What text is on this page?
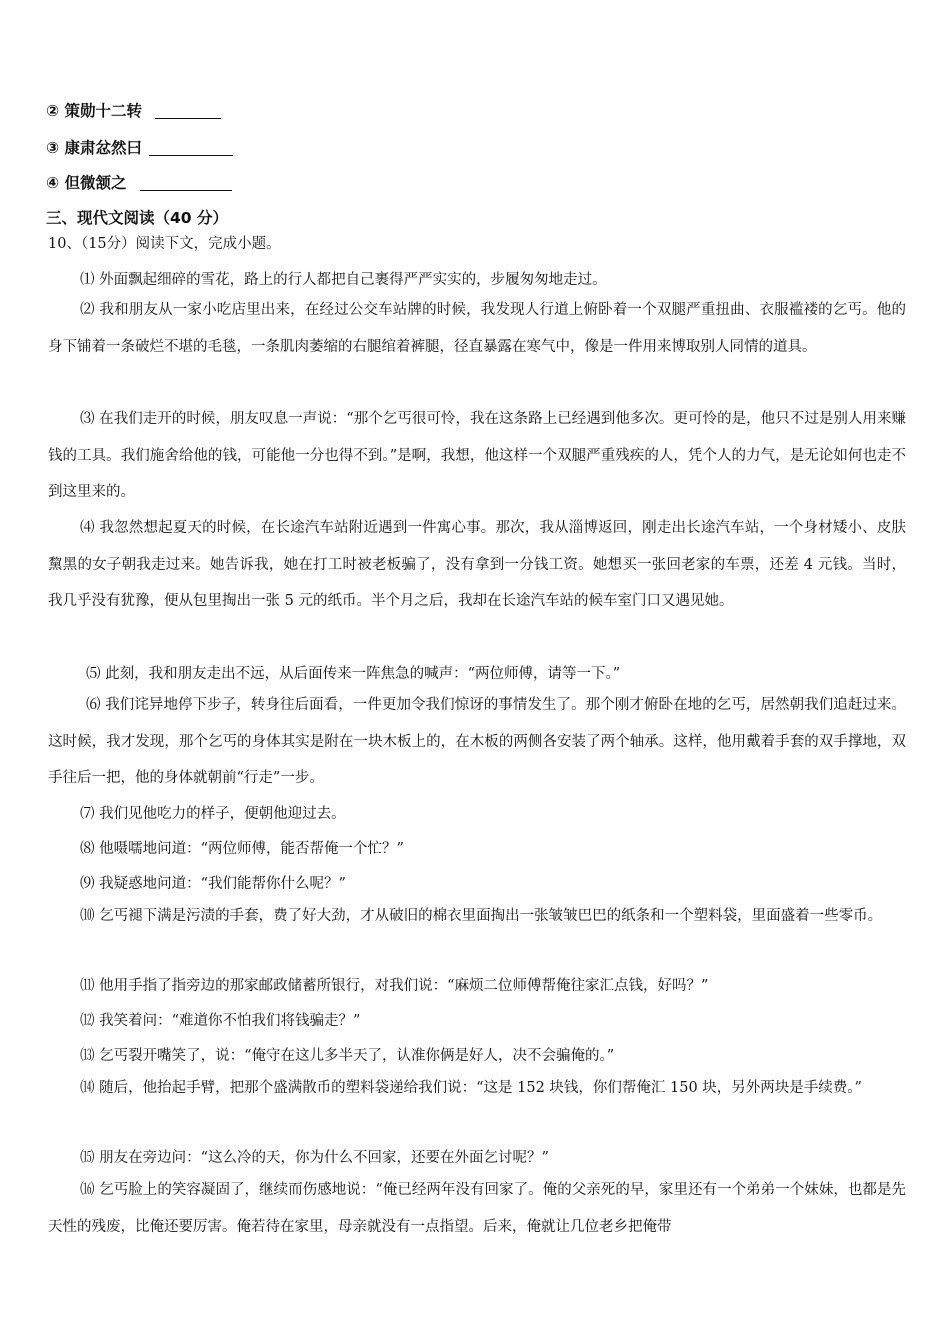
② 策勋十二转
③ 康肃忿然曰
④ 但微颔之
三、现代文阅读（40 分）
10、（15分）阅读下文，完成小题。

⑴ 外面飘起细碎的雪花，路上的行人都把自己裹得严严实实的，步履匆匆地走过。

⑵ 我和朋友从一家小吃店里出来，在经过公交车站牌的时候，我发现人行道上俯卧着一个双腿严重扭曲、衣服褴褛的乞丐。他的身下铺着一条破烂不堪的毛毯，一条肌肉萎缩的右腿绾着裤腿，径直暴露在寒气中，像是一件用来博取别人同情的道具。

⑶ 在我们走开的时候，朋友叹息一声说：“那个乞丐很可怜，我在这条路上已经遇到他多次。更可怜的是，他只不过是别人用来赚钱的工具。我们施舍给他的钱，可能他一分也得不到。”是啊，我想，他这样一个双腿严重残疾的人，凭个人的力气，是无论如何也走不到这里来的。

⑷ 我忽然想起夏天的时候，在长途汽车站附近遇到一件寓心事。那次，我从淄博返回，刚走出长途汽车站，一个身材矮小、皮肤黧黑的女子朝我走过来。她告诉我，她在打工时被老板骗了，没有拿到一分钱工资。她想买一张回老家的车票，还差 4 元钱。当时，我几乎没有犹豫，便从包里掏出一张 5 元的纸币。半个月之后，我却在长途汽车站的候车室门口又遇见她。

⑸ 此刻，我和朋友走出不远，从后面传来一阵焦急的喊声：“两位师傅，请等一下。”

⑹ 我们诧异地停下步子，转身往后面看，一件更加令我们惊讶的事情发生了。那个刚才俯卧在地的乞丐，居然朝我们追赶过来。这时候，我才发现，那个乞丐的身体其实是附在一块木板上的，在木板的两侧各安装了两个轴承。这样，他用戴着手套的双手撑地，双手往后一把，他的身体就朝前“行走”一步。

⑺ 我们见他吃力的样子，便朝他迎过去。

⑻ 他嗫嚅地问道：“两位师傅，能否帮俺一个忙？”

⑼ 我疑惑地问道：“我们能帮你什么呢？”

⑽ 乞丐褪下满是污渍的手套，费了好大劲，才从破旧的棉衣里面掏出一张皱皱巴巴的纸条和一个塑料袋，里面盛着一些零币。

⑾ 他用手指了指旁边的那家邮政储蓄所银行，对我们说：“麻烦二位师傅帮俺往家汇点钱，好吗？”

⑿ 我笑着问：“难道你不怕我们将钱骗走？”

⒀ 乞丐裂开嘴笑了，说：“俺守在这儿多半天了，认准你俩是好人，决不会骗俺的。”

⒁ 随后，他抬起手臂，把那个盛满散币的塑料袋递给我们说：“这是 152 块钱，你们帮俺汇 150 块，另外两块是手续费。”

⒂ 朋友在旁边问：“这么冷的天，你为什么不回家，还要在外面乞讨呢？”

⒃ 乞丐脸上的笑容凝固了，继续而伤感地说：“俺已经两年没有回家了。俺的父亲死的早，家里还有一个弟弟一个妹妹，也都是先天性的残废，比俺还要厉害。俺若待在家里，母亲就没有一点指望。后来，俺就让几位老乡把俺带
